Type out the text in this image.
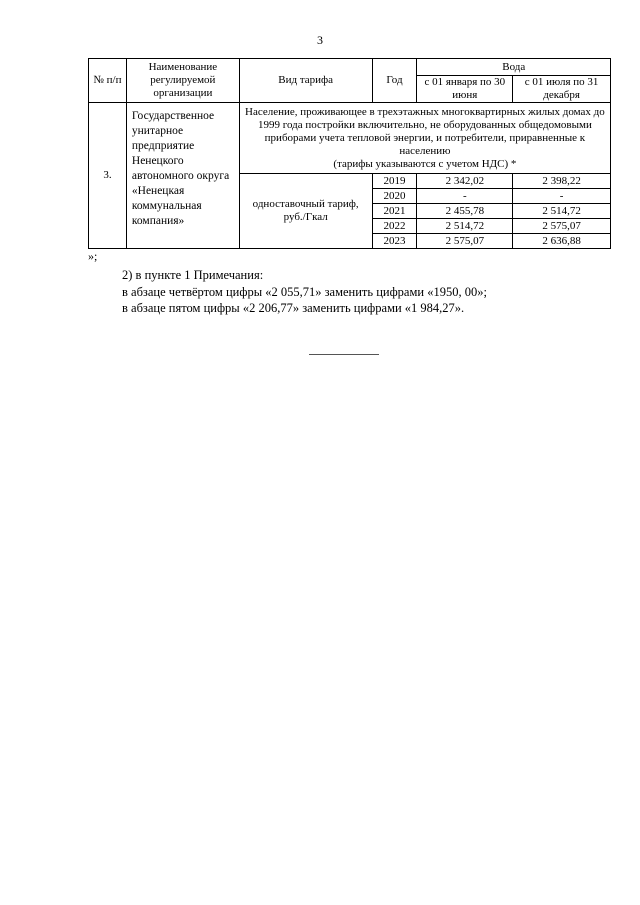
3
№ п/п	Наименование регулируемой организации	Вид тарифа	Год	Вода	
				с 01 января по 30 июня	с 01 июля по 31 декабря
3.	Государственное унитарное предприятие Ненецкого автономного округа «Ненецкая коммунальная компания»	Население, проживающее в трехэтажных многоквартирных жилых домах до 1999 года постройки включительно, не оборудованных общедомовыми приборами учета тепловой энергии, и потребители, приравненные к населению
(тарифы указываются с учетом НДС) *			

		одноставочный тариф, руб./Гкал	2019	2 342,02	2 398,22
			2020	-	-
			2021	2 455,78	2 514,72
			2022	2 514,72	2 575,07
			2023	2 575,07	2 636,88
»;
2) в пункте 1 Примечания:
в абзаце четвёртом цифры «2 055,71» заменить цифрами «1950, 00»;
в абзаце пятом цифры «2 206,77» заменить цифрами «1 984,27».
